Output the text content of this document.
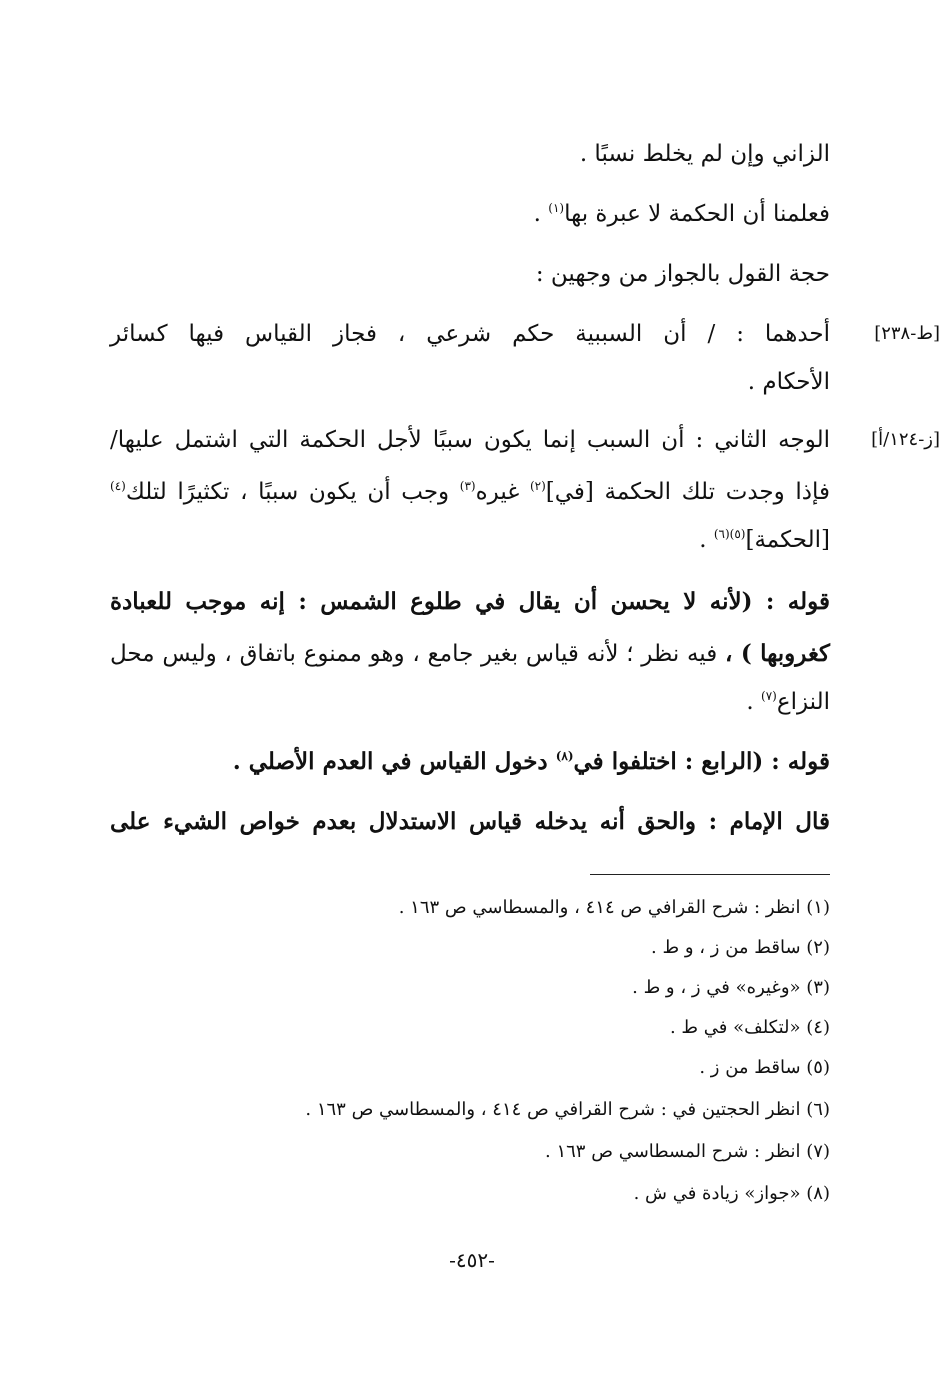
الزاني وإن لم يخلط نسبًا .
فعلمنا أن الحكمة لا عبرة بها$^{(١)}$ .
حجة القول بالجواز من وجهين :
[ط-٢٣٨]
أحدهما : / أن السببية حكم شرعي ، فجاز القياس فيها كسائر
الأحكام .
[ز-١٢٤/أ]
الوجه الثاني : أن السبب إنما يكون سببًا لأجل الحكمة التي اشتمل عليها/
فإذا وجدت تلك الحكمة [في]$^{(٢)}$ غيره$^{(٣)}$ وجب أن يكون سببًا ، تكثيرًا لتلك$^{(٤)}$
[الحكمة]$^{(٥)(٦)}$ .
قوله : (لأنه لا يحسن أن يقال في طلوع الشمس : إنه موجب للعبادة
كغروبها ) ، فيه نظر ؛ لأنه قياس بغير جامع ، وهو ممنوع باتفاق ، وليس محل
النزاع$^{(٧)}$ .
قوله : (الرابع : اختلفوا في$^{(٨)}$ دخول القياس في العدم الأصلي .
قال الإمام : والحق أنه يدخله قياس الاستدلال بعدم خواص الشيء على
(١) انظر : شرح القرافي ص ٤١٤ ، والمسطاسي ص ١٦٣ .
(٢) ساقط من ز ، و ط .
(٣) «وغيره» في ز ، و ط .
(٤) «لتكلف» في ط .
(٥) ساقط من ز .
(٦) انظر الحجتين في : شرح القرافي ص ٤١٤ ، والمسطاسي ص ١٦٣ .
(٧) انظر : شرح المسطاسي ص ١٦٣ .
(٨) «جواز» زيادة في ش .
-٤٥٢-
